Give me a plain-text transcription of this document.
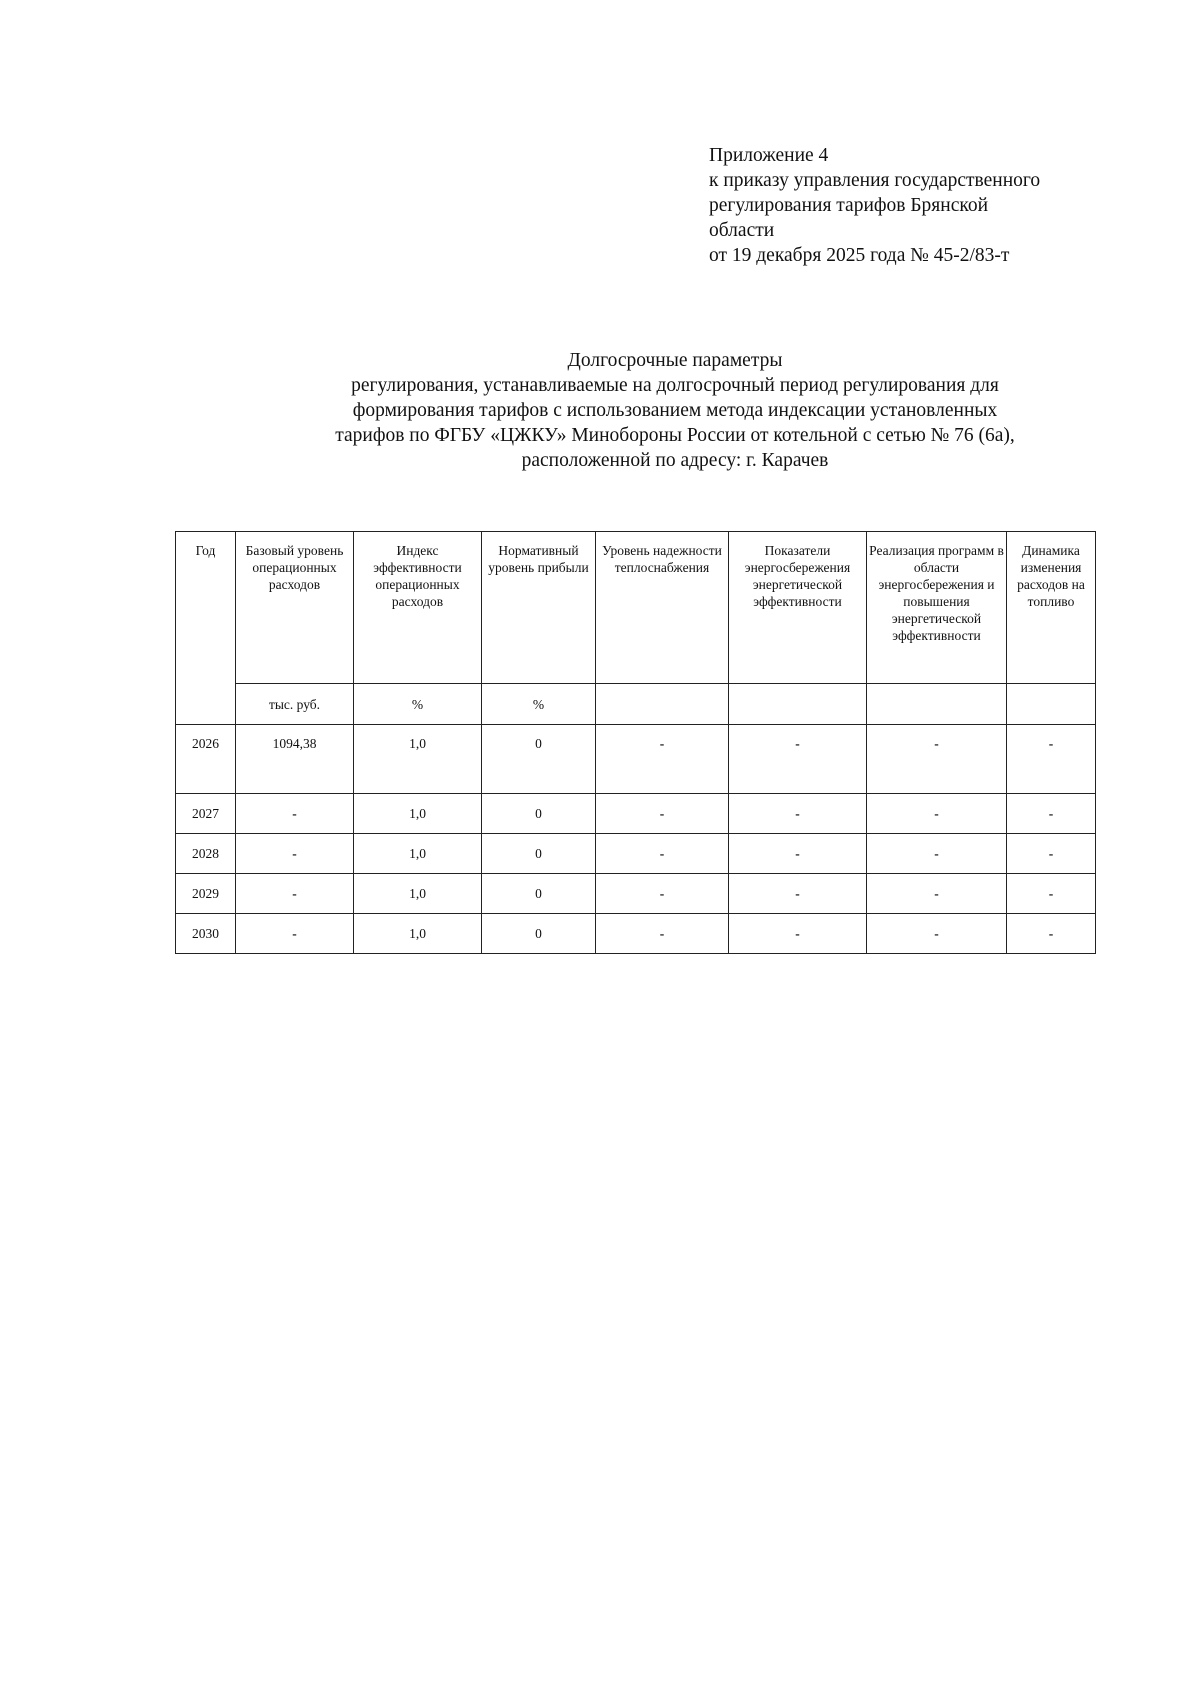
Приложение 4
к приказу управления государственного
регулирования тарифов Брянской
области
от 19 декабря 2025 года № 45-2/83-т
Долгосрочные параметры
регулирования, устанавливаемые на долгосрочный период регулирования для
формирования тарифов с использованием метода индексации установленных
тарифов по ФГБУ «ЦЖКУ» Минобороны России от котельной с сетью № 76 (6а),
расположенной по адресу: г. Карачев
Год	Базовый уровень операционных расходов	Индекс эффективности операционных расходов	Нормативный уровень прибыли	Уровень надежности теплоснабжения	Показатели энергосбережения энергетической эффективности	Реализация программ в области энергосбережения и повышения энергетической эффективности	Динамика изменения расходов на топливо
	тыс. руб.	%	%				
2026	1094,38	1,0	0	-	-	-	-
2027	-	1,0	0	-	-	-	-
2028	-	1,0	0	-	-	-	-
2029	-	1,0	0	-	-	-	-
2030	-	1,0	0	-	-	-	-
